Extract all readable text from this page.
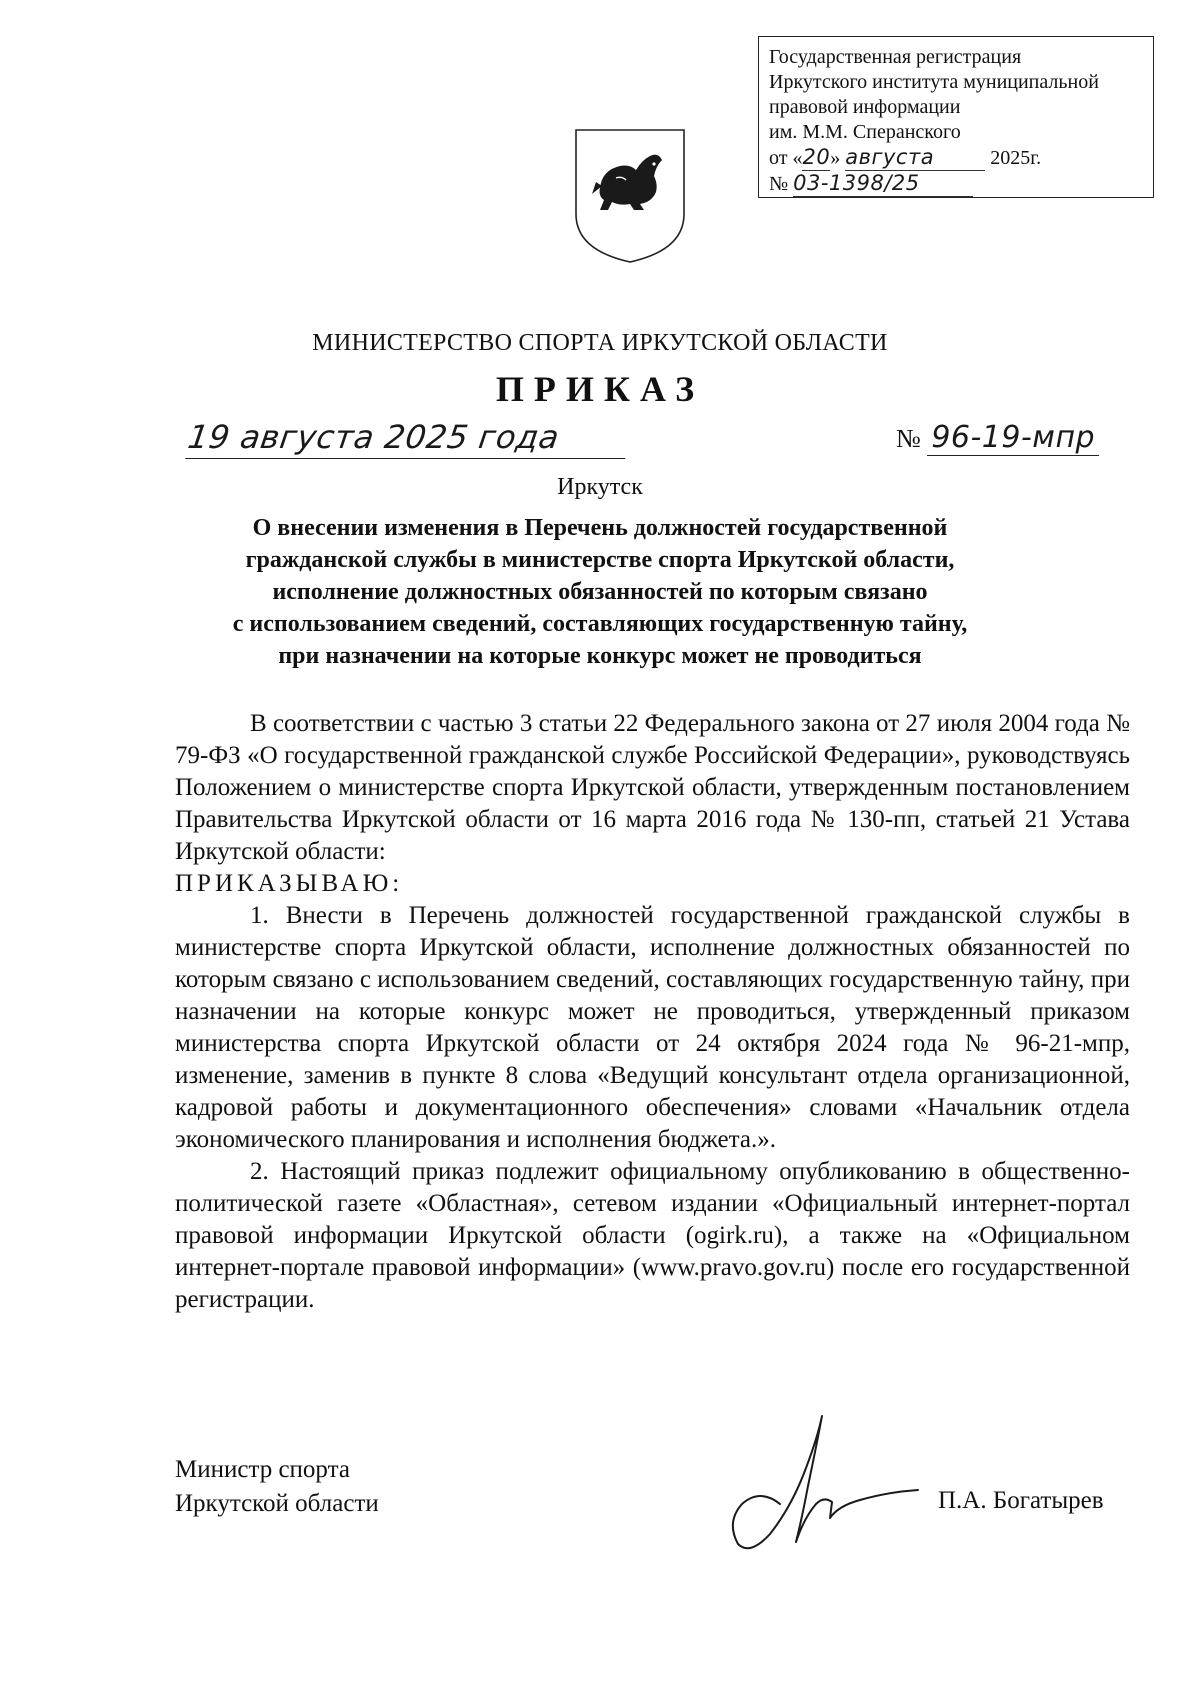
Государственная регистрация
Иркутского института муниципальной
правовой информации
им. М.М. Сперанского
от «20» августа	2025г.
№ 03-1398/25
МИНИСТЕРСТВО СПОРТА ИРКУТСКОЙ ОБЛАСТИ
ПРИКАЗ
19 августа 2025 года	№ 96-19-мпр
Иркутск
О внесении изменения в Перечень должностей государственной
гражданской службы в министерстве спорта Иркутской области,
исполнение должностных обязанностей по которым связано
с использованием сведений, составляющих государственную тайну,
при назначении на которые конкурс может не проводиться

В соответствии с частью 3 статьи 22 Федерального закона от 27 июля 2004 года № 79-ФЗ «О государственной гражданской службе Российской Федерации», руководствуясь Положением о министерстве спорта Иркутской области, утвержденным постановлением Правительства Иркутской области от 16 марта 2016 года № 130-пп, статьей 21 Устава Иркутской области:

ПРИКАЗЫВАЮ:

1. Внести в Перечень должностей государственной гражданской службы в министерстве спорта Иркутской области, исполнение должностных обязанностей по которым связано с использованием сведений, составляющих государственную тайну, при назначении на которые конкурс может не проводиться, утвержденный приказом министерства спорта Иркутской области от 24 октября 2024 года № 96-21-мпр, изменение, заменив в пункте 8 слова «Ведущий консультант отдела организационной, кадровой работы и документационного обеспечения» словами «Начальник отдела экономического планирования и исполнения бюджета.».

2. Настоящий приказ подлежит официальному опубликованию в общественно-политической газете «Областная», сетевом издании «Официальный интернет-портал правовой информации Иркутской области (ogirk.ru), а также на «Официальном интернет-портале правовой информации» (www.pravo.gov.ru) после его государственной регистрации.

Министр спорта
Иркутской области	П.А. Богатырев
